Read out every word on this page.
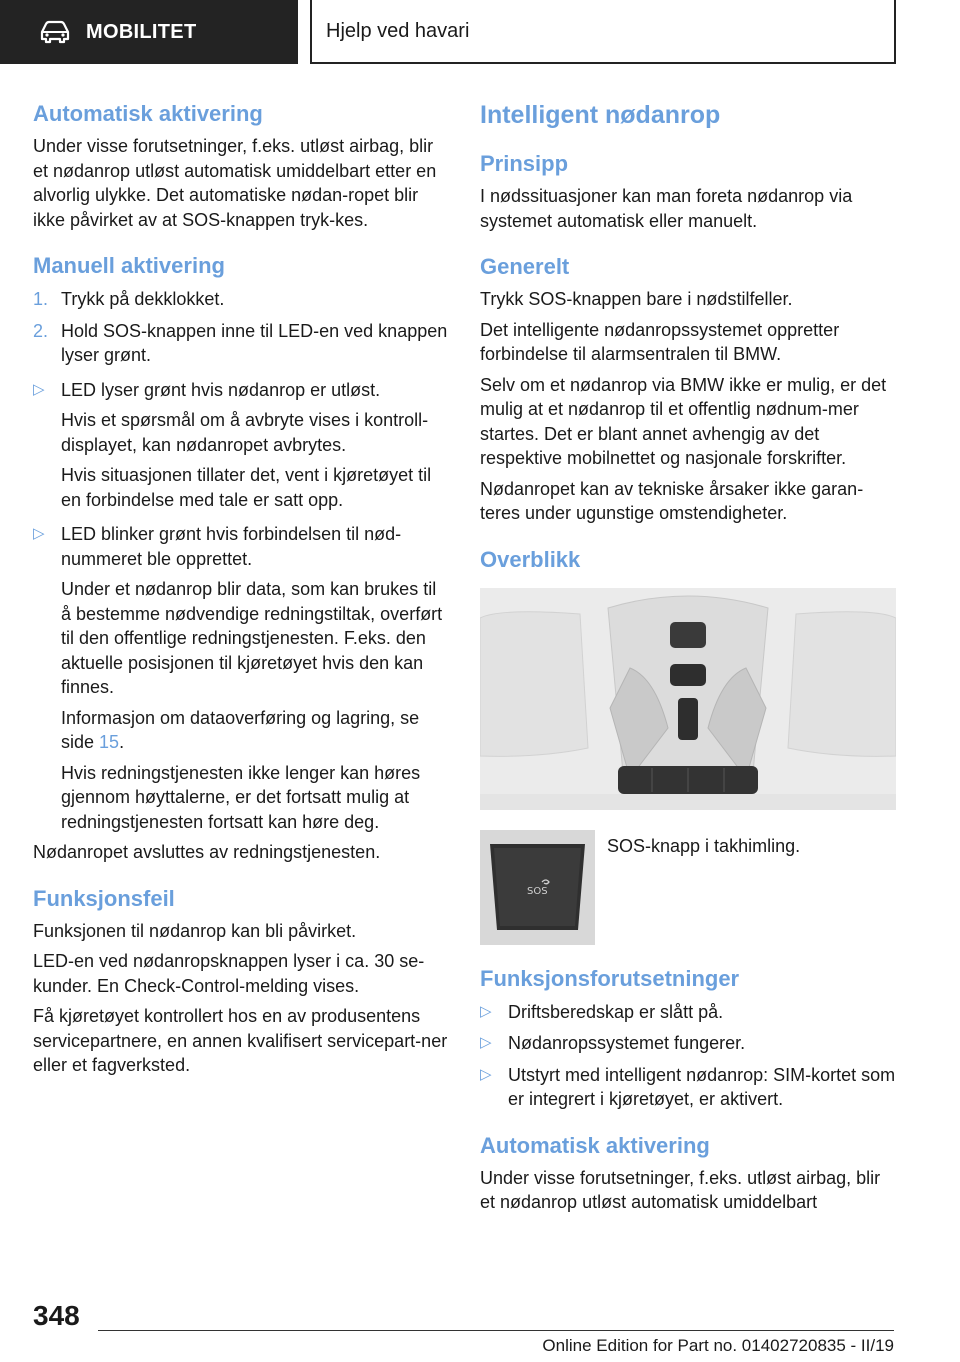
MOBILITET	Hjelp ved havari
Automatisk aktivering

Under visse forutsetninger, f.eks. utløst airbag, blir et nødanrop utløst automatisk umiddelbart etter en alvorlig ulykke. Det automatiske nødan-ropet blir ikke påvirket av at SOS-knappen tryk-kes.

Manuell aktivering
1. Trykk på dekklokket.
2. Hold SOS-knappen inne til LED-en ved knappen lyser grønt.
▷ LED lyser grønt hvis nødanrop er utløst.
Hvis et spørsmål om å avbryte vises i kontroll-displayet, kan nødanropet avbrytes.
Hvis situasjonen tillater det, vent i kjøretøyet til en forbindelse med tale er satt opp.
▷ LED blinker grønt hvis forbindelsen til nød-nummeret ble opprettet.
Under et nødanrop blir data, som kan brukes til å bestemme nødvendige redningstiltak, overført til den offentlige redningstjenesten. F.eks. den aktuelle posisjonen til kjøretøyet hvis den kan finnes.
Informasjon om dataoverføring og lagring, se side 15.
Hvis redningstjenesten ikke lenger kan høres gjennom høyttalerne, er det fortsatt mulig at redningstjenesten fortsatt kan høre deg.

Nødanropet avsluttes av redningstjenesten.

Funksjonsfeil

Funksjonen til nødanrop kan bli påvirket.

LED-en ved nødanropsknappen lyser i ca. 30 se-kunder. En Check-Control-melding vises.

Få kjøretøyet kontrollert hos en av produsentens servicepartnere, en annen kvalifisert servicepart-ner eller et fagverksted.

Intelligent nødanrop
Prinsipp

I nødssituasjoner kan man foreta nødanrop via systemet automatisk eller manuelt.

Generelt

Trykk SOS-knappen bare i nødstilfeller.

Det intelligente nødanropssystemet oppretter forbindelse til alarmsentralen til BMW.

Selv om et nødanrop via BMW ikke er mulig, er det mulig at et nødanrop til et offentlig nødnum-mer startes. Det er blant annet avhengig av det respektive mobilnettet og nasjonale forskrifter.

Nødanropet kan av tekniske årsaker ikke garan-teres under ugunstige omstendigheter.

Overblikk
SOS
SOS-knapp i takhimling.
Funksjonsforutsetninger
▷ Driftsberedskap er slått på.
▷ Nødanropssystemet fungerer.
▷ Utstyrt med intelligent nødanrop: SIM-kortet som er integrert i kjøretøyet, er aktivert.
Automatisk aktivering

Under visse forutsetninger, f.eks. utløst airbag, blir et nødanrop utløst automatisk umiddelbart

348
Online Edition for Part no. 01402720835 - II/19
